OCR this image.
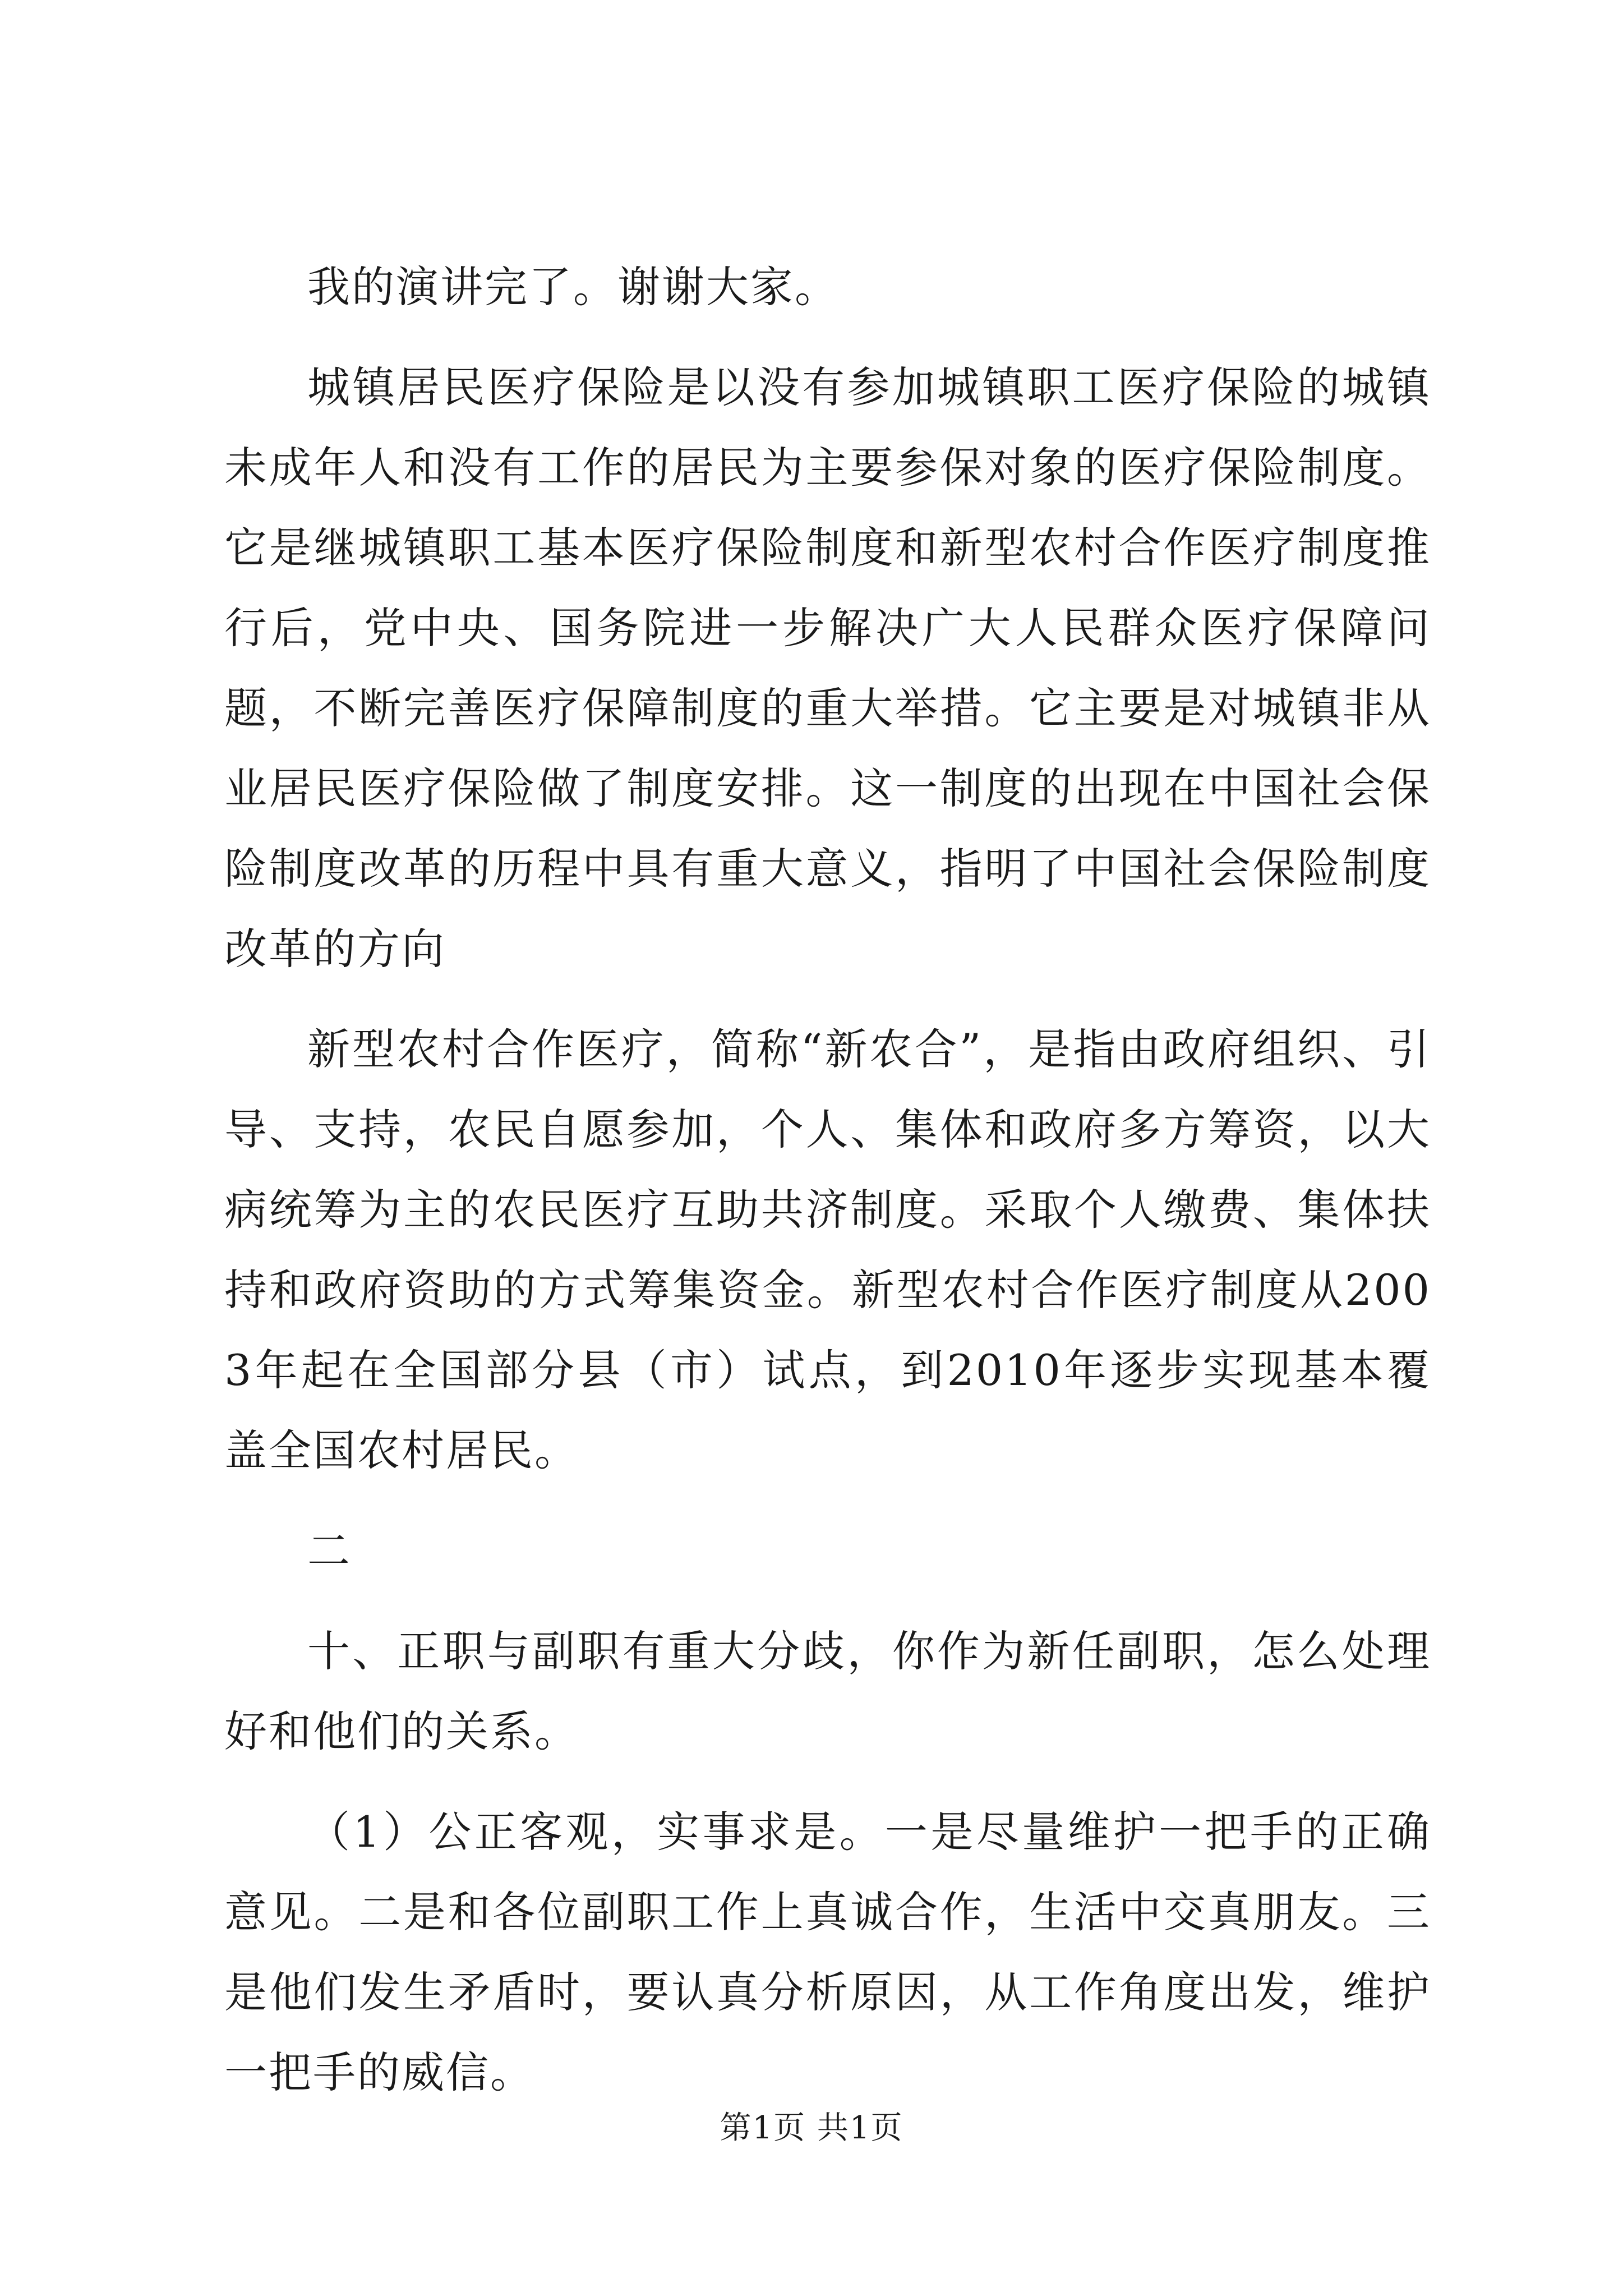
我的演讲完了。谢谢大家。

城镇居民医疗保险是以没有参加城镇职工医疗保险的城镇未成年人和没有工作的居民为主要参保对象的医疗保险制度。它是继城镇职工基本医疗保险制度和新型农村合作医疗制度推行后，党中央、国务院进一步解决广大人民群众医疗保障问题，不断完善医疗保障制度的重大举措。它主要是对城镇非从业居民医疗保险做了制度安排。这一制度的出现在中国社会保险制度改革的历程中具有重大意义，指明了中国社会保险制度改革的方向

新型农村合作医疗，简称“新农合”，是指由政府组织、引导、支持，农民自愿参加，个人、集体和政府多方筹资，以大病统筹为主的农民医疗互助共济制度。采取个人缴费、集体扶持和政府资助的方式筹集资金。新型农村合作医疗制度从2003年起在全国部分县（市）试点，到2010年逐步实现基本覆盖全国农村居民。

二

十、正职与副职有重大分歧，你作为新任副职，怎么处理好和他们的关系。

（1）公正客观，实事求是。一是尽量维护一把手的正确意见。二是和各位副职工作上真诚合作，生活中交真朋友。三是他们发生矛盾时，要认真分析原因，从工作角度出发，维护一把手的威信。

第1页 共1页
